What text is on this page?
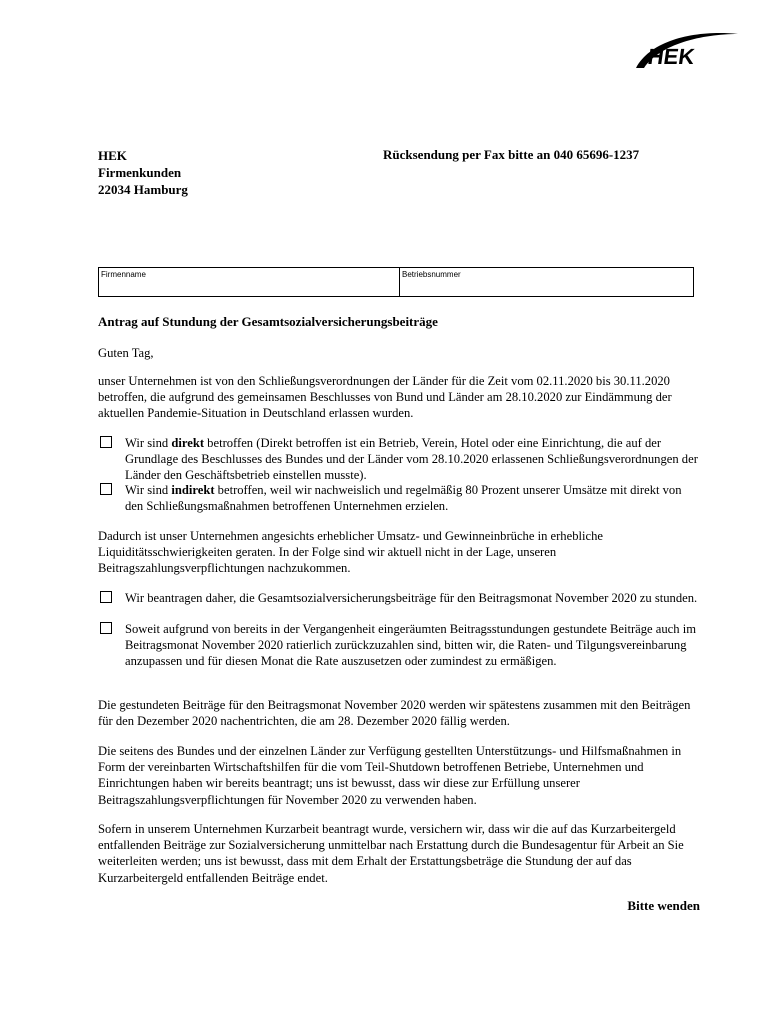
HEK
HEK
Firmenkunden
22034 Hamburg
Rücksendung per Fax bitte an 040 65696-1237
Firmenname	Betriebsnummer
Antrag auf Stundung der Gesamtsozialversicherungsbeiträge

Guten Tag,

unser Unternehmen ist von den Schließungsverordnungen der Länder für die Zeit vom 02.11.2020 bis 30.11.2020 betroffen, die aufgrund des gemeinsamen Beschlusses von Bund und Länder am 28.10.2020 zur Eindämmung der aktuellen Pandemie-Situation in Deutschland erlassen wurden.

Wir sind direkt betroffen (Direkt betroffen ist ein Betrieb, Verein, Hotel oder eine Einrichtung, die auf der Grundlage des Beschlusses des Bundes und der Länder vom 28.10.2020 erlassenen Schließungsverordnungen der Länder den Geschäftsbetrieb einstellen musste).
Wir sind indirekt betroffen, weil wir nachweislich und regelmäßig 80 Prozent unserer Umsätze mit direkt von den Schließungsmaßnahmen betroffenen Unternehmen erzielen.

Dadurch ist unser Unternehmen angesichts erheblicher Umsatz- und Gewinneinbrüche in erhebliche Liquiditätsschwierigkeiten geraten. In der Folge sind wir aktuell nicht in der Lage, unseren Beitragszahlungsverpflichtungen nachzukommen.

Wir beantragen daher, die Gesamtsozialversicherungsbeiträge für den Beitragsmonat November 2020 zu stunden.
Soweit aufgrund von bereits in der Vergangenheit eingeräumten Beitragsstundungen gestundete Beiträge auch im Beitragsmonat November 2020 ratierlich zurückzuzahlen sind, bitten wir, die Raten- und Tilgungsvereinbarung anzupassen und für diesen Monat die Rate auszusetzen oder zumindest zu ermäßigen.

Die gestundeten Beiträge für den Beitragsmonat November 2020 werden wir spätestens zusammen mit den Beiträgen für den Dezember 2020 nachentrichten, die am 28. Dezember 2020 fällig werden.

Die seitens des Bundes und der einzelnen Länder zur Verfügung gestellten Unterstützungs- und Hilfsmaßnahmen in Form der vereinbarten Wirtschaftshilfen für die vom Teil-Shutdown betroffenen Betriebe, Unternehmen und Einrichtungen haben wir bereits beantragt; uns ist bewusst, dass wir diese zur Erfüllung unserer Beitragszahlungsverpflichtungen für November 2020 zu verwenden haben.

Sofern in unserem Unternehmen Kurzarbeit beantragt wurde, versichern wir, dass wir die auf das Kurzarbeitergeld entfallenden Beiträge zur Sozialversicherung unmittelbar nach Erstattung durch die Bundesagentur für Arbeit an Sie weiterleiten werden; uns ist bewusst, dass mit dem Erhalt der Erstattungsbeträge die Stundung der auf das Kurzarbeitergeld entfallenden Beiträge endet.

Bitte wenden
